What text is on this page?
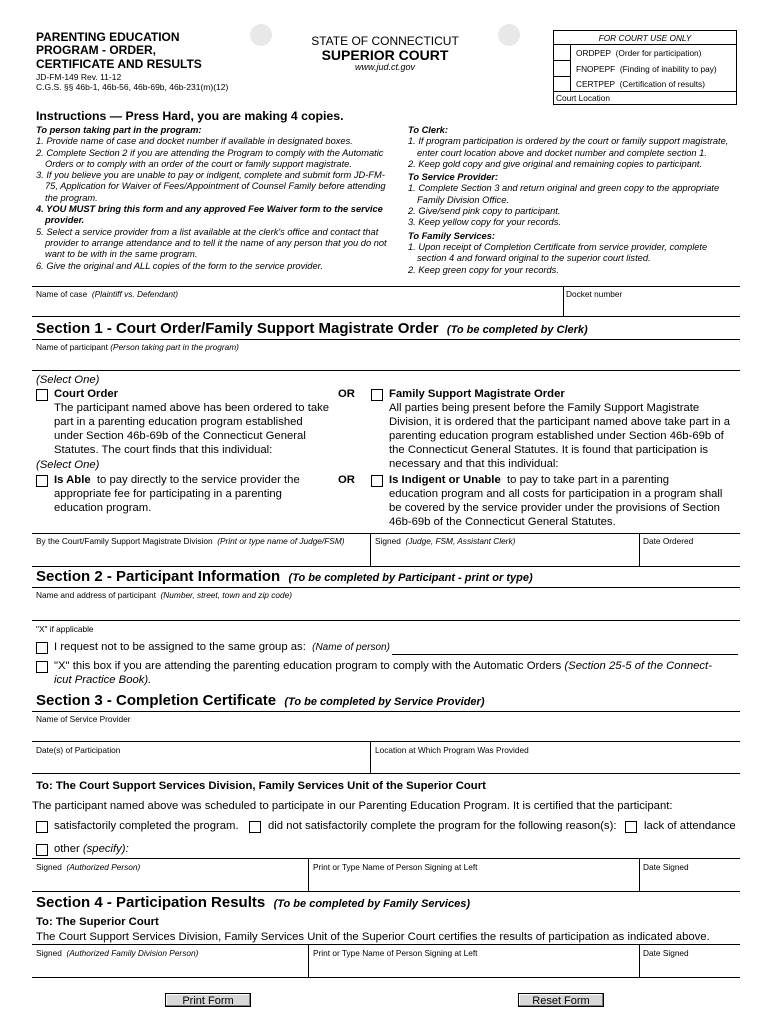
PARENTING EDUCATION
PROGRAM - ORDER,
CERTIFICATE AND RESULTS
JD-FM-149 Rev. 11-12
C.G.S. §§ 46b-1, 46b-56, 46b-69b, 46b-231(m)(12)
STATE OF CONNECTICUT
SUPERIOR COURT
www.jud.ct.gov
FOR COURT USE ONLY
ORDPEP (Order for participation)
FNOPEPF (Finding of inability to pay)
CERTPEP (Certification of results)
Court Location
Instructions — Press Hard, you are making 4 copies.
To person taking part in the program:
1. Provide name of case and docket number if available in designated boxes.
2. Complete Section 2 if you are attending the Program to comply with the Automatic Orders or to comply with an order of the court or family support magistrate.
3. If you believe you are unable to pay or indigent, complete and submit form JD-FM-75, Application for Waiver of Fees/Appointment of Counsel Family before attending the program.
4. YOU MUST bring this form and any approved Fee Waiver form to the service provider.
5. Select a service provider from a list available at the clerk's office and contact that provider to arrange attendance and to tell it the name of any person that you do not want to be with in the same program.
6. Give the original and ALL copies of the form to the service provider.
To Clerk:
1. If program participation is ordered by the court or family support magistrate, enter court location above and docket number and complete section 1.
2. Keep gold copy and give original and remaining copies to participant.
To Service Provider:
1. Complete Section 3 and return original and green copy to the appropriate Family Division Office.
2. Give/send pink copy to participant.
3. Keep yellow copy for your records.
To Family Services:
1. Upon receipt of Completion Certificate from service provider, complete section 4 and forward original to the superior court listed.
2. Keep green copy for your records.
Name of case (Plaintiff vs. Defendant)	Docket number
Section 1 - Court Order/Family Support Magistrate Order (To be completed by Clerk)
Name of participant (Person taking part in the program)
(Select One)
Court Order
The participant named above has been ordered to take
part in a parenting education program established
under Section 46b-69b of the Connecticut General
Statutes. The court finds that this individual:
OR	Family Support Magistrate Order
All parties being present before the Family Support Magistrate
Division, it is ordered that the participant named above take part in a
parenting education program established under Section 46b-69b of
the Connecticut General Statutes. It is found that participation is
necessary and that this individual:
(Select One)
Is Able to pay directly to the service provider the
appropriate fee for participating in a parenting
education program.
OR	Is Indigent or Unable to pay to take part in a parenting
education program and all costs for participation in a program shall
be covered by the service provider under the provisions of Section
46b-69b of the Connecticut General Statutes.
By the Court/Family Support Magistrate Division (Print or type name of Judge/FSM)	Signed (Judge, FSM, Assistant Clerk)	Date Ordered
Section 2 - Participant Information (To be completed by Participant - print or type)
Name and address of participant (Number, street, town and zip code)
"X" if applicable
I request not to be assigned to the same group as: (Name of person)
"X" this box if you are attending the parenting education program to comply with the Automatic Orders (Section 25-5 of the Connect-
icut Practice Book).
Section 3 - Completion Certificate (To be completed by Service Provider)
Name of Service Provider
Date(s) of Participation	Location at Which Program Was Provided
To: The Court Support Services Division, Family Services Unit of the Superior Court
The participant named above was scheduled to participate in our Parenting Education Program. It is certified that the participant:
satisfactorily completed the program.	did not satisfactorily complete the program for the following reason(s): lack of attendance
other (specify):
Signed (Authorized Person)	Print or Type Name of Person Signing at Left	Date Signed
Section 4 - Participation Results (To be completed by Family Services)
To: The Superior Court
The Court Support Services Division, Family Services Unit of the Superior Court certifies the results of participation as indicated above.
Signed (Authorized Family Division Person)	Print or Type Name of Person Signing at Left	Date Signed
Print Form	Reset Form
